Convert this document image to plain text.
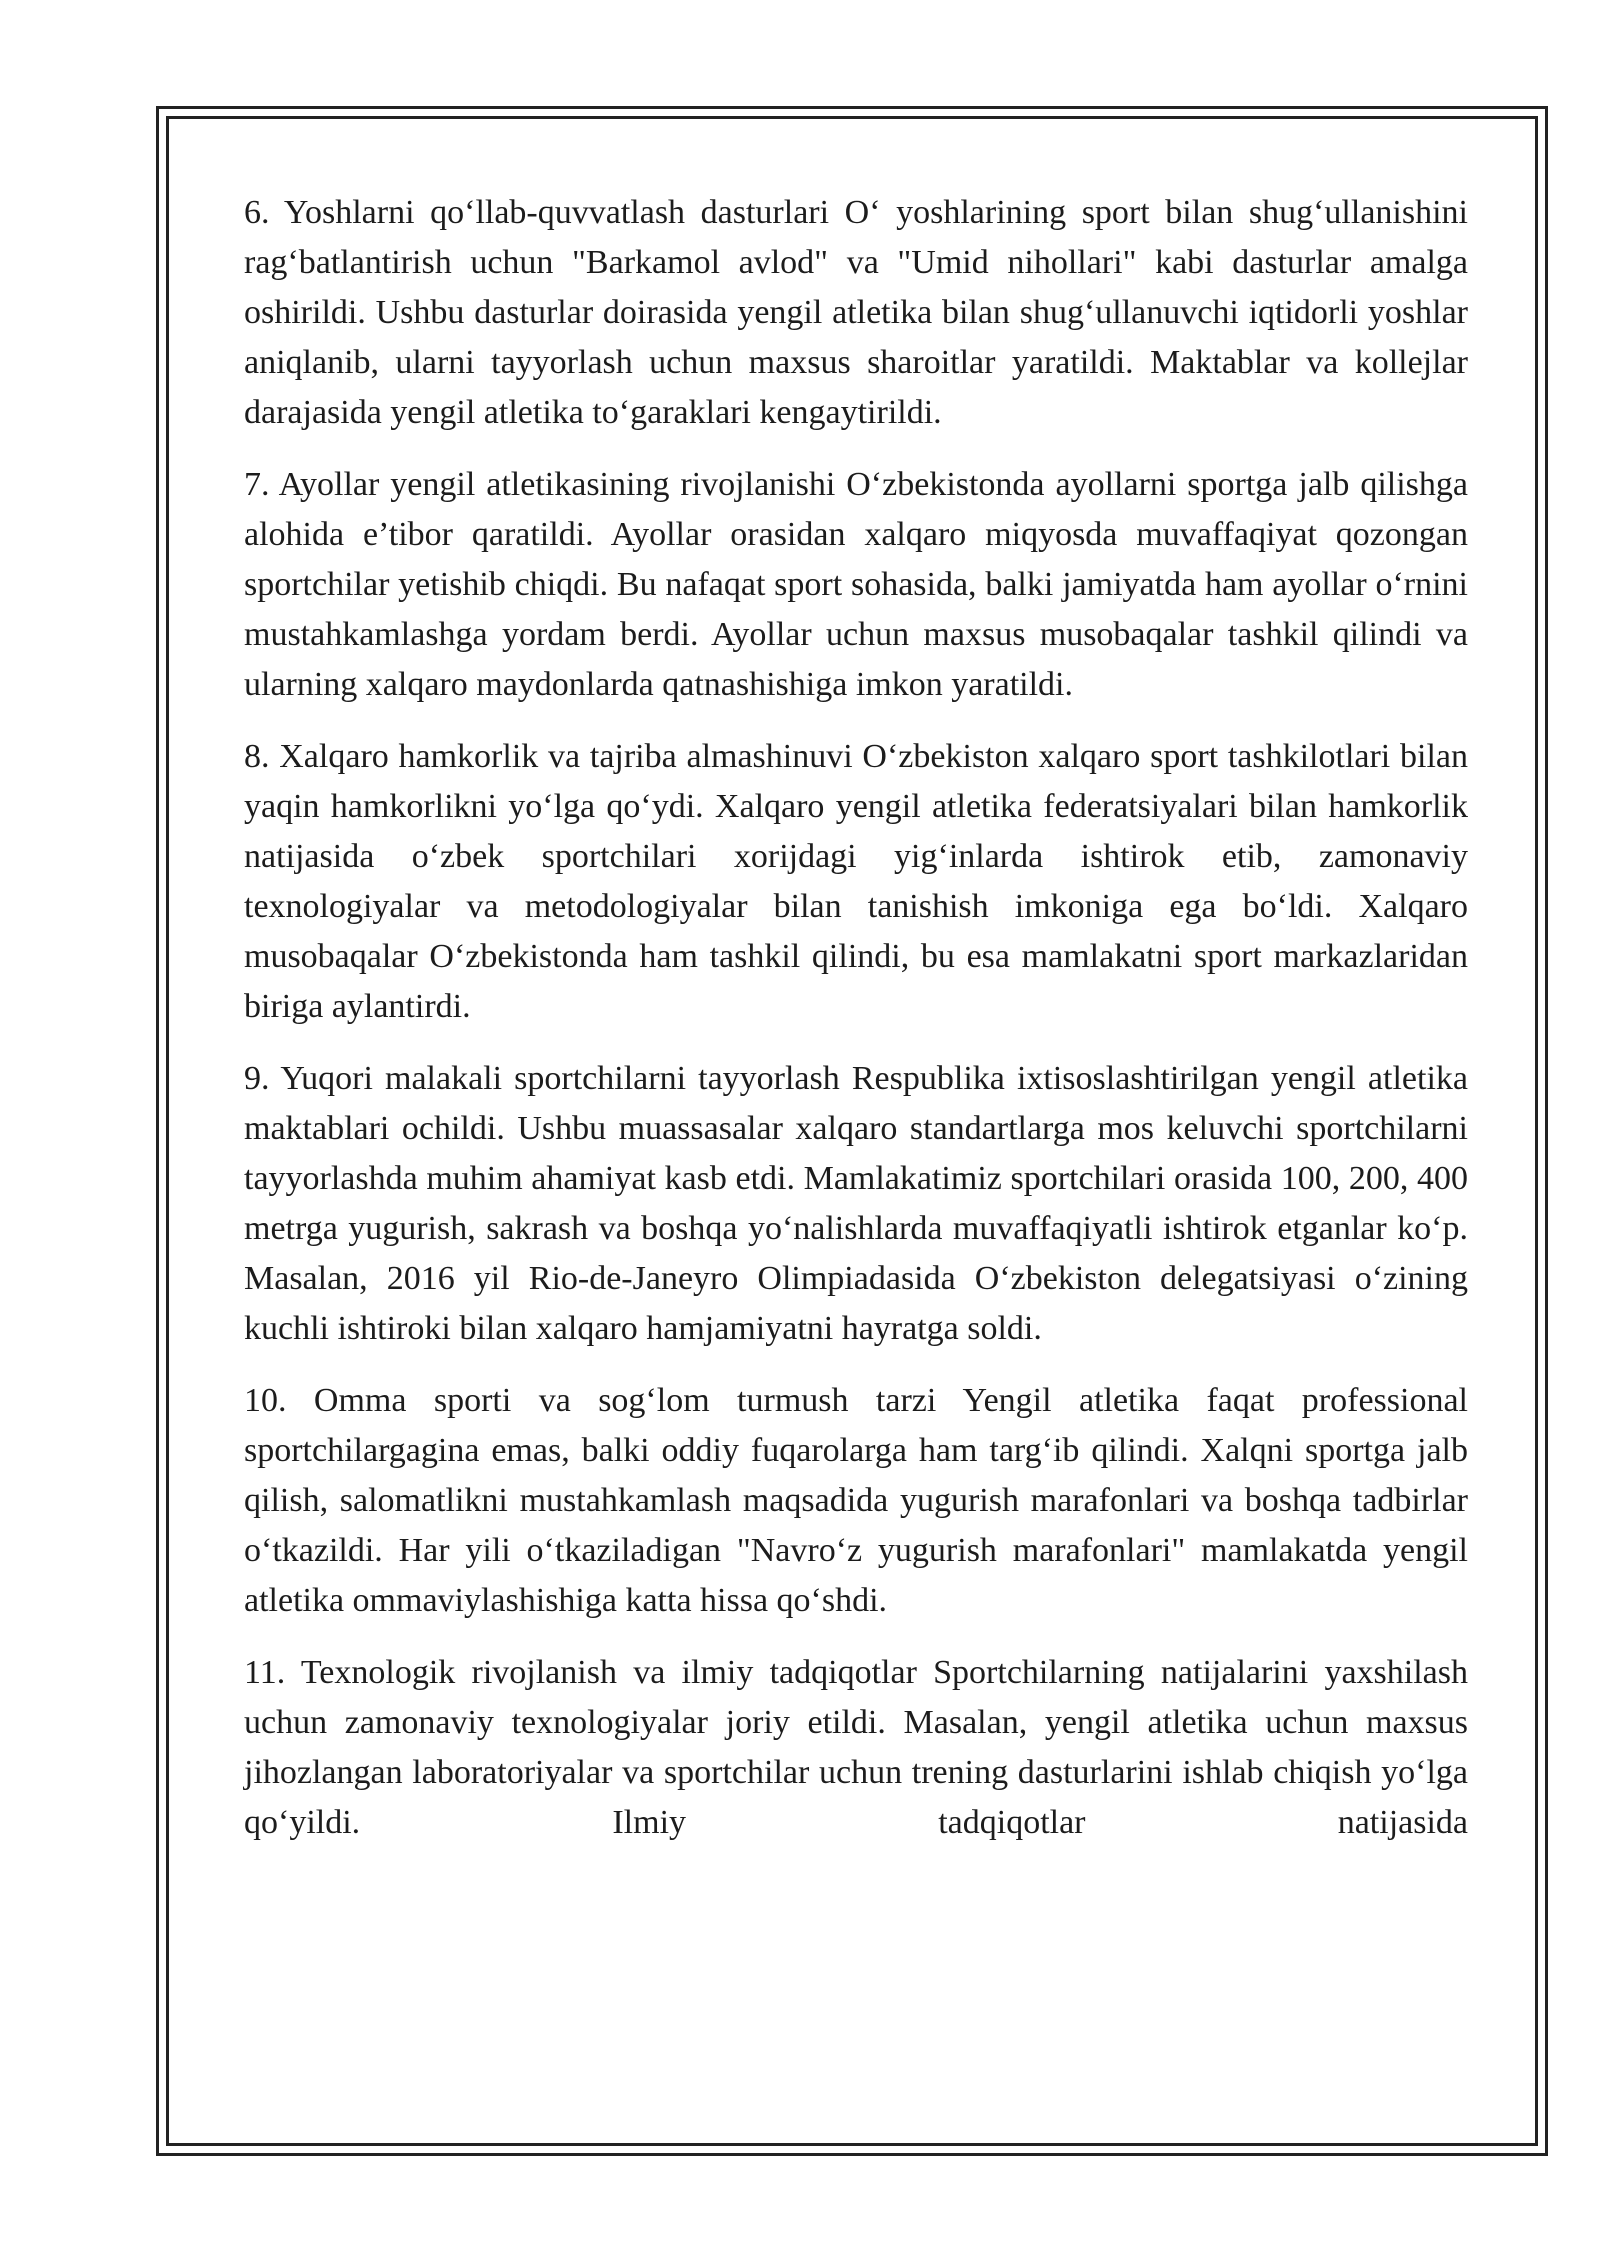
6. Yoshlarni qo‘llab-quvvatlash dasturlari O‘ yoshlarining sport bilan shug‘ullanishini rag‘batlantirish uchun "Barkamol avlod" va "Umid nihollari" kabi dasturlar amalga oshirildi. Ushbu dasturlar doirasida yengil atletika bilan shug‘ullanuvchi iqtidorli yoshlar aniqlanib, ularni tayyorlash uchun maxsus sharoitlar yaratildi. Maktablar va kollejlar darajasida yengil atletika to‘garaklari kengaytirildi.

7. Ayollar yengil atletikasining rivojlanishi O‘zbekistonda ayollarni sportga jalb qilishga alohida e’tibor qaratildi. Ayollar orasidan xalqaro miqyosda muvaffaqiyat qozongan sportchilar yetishib chiqdi. Bu nafaqat sport sohasida, balki jamiyatda ham ayollar o‘rnini mustahkamlashga yordam berdi. Ayollar uchun maxsus musobaqalar tashkil qilindi va ularning xalqaro maydonlarda qatnashishiga imkon yaratildi.

8. Xalqaro hamkorlik va tajriba almashinuvi O‘zbekiston xalqaro sport tashkilotlari bilan yaqin hamkorlikni yo‘lga qo‘ydi. Xalqaro yengil atletika federatsiyalari bilan hamkorlik natijasida o‘zbek sportchilari xorijdagi yig‘inlarda ishtirok etib, zamonaviy texnologiyalar va metodologiyalar bilan tanishish imkoniga ega bo‘ldi. Xalqaro musobaqalar O‘zbekistonda ham tashkil qilindi, bu esa mamlakatni sport markazlaridan biriga aylantirdi.

9. Yuqori malakali sportchilarni tayyorlash Respublika ixtisoslashtirilgan yengil atletika maktablari ochildi. Ushbu muassasalar xalqaro standartlarga mos keluvchi sportchilarni tayyorlashda muhim ahamiyat kasb etdi. Mamlakatimiz sportchilari orasida 100, 200, 400 metrga yugurish, sakrash va boshqa yo‘nalishlarda muvaffaqiyatli ishtirok etganlar ko‘p. Masalan, 2016 yil Rio-de-Janeyro Olimpiadasida O‘zbekiston delegatsiyasi o‘zining kuchli ishtiroki bilan xalqaro hamjamiyatni hayratga soldi.

10. Omma sporti va sog‘lom turmush tarzi Yengil atletika faqat professional sportchilargagina emas, balki oddiy fuqarolarga ham targ‘ib qilindi. Xalqni sportga jalb qilish, salomatlikni mustahkamlash maqsadida yugurish marafonlari va boshqa tadbirlar o‘tkazildi. Har yili o‘tkaziladigan "Navro‘z yugurish marafonlari" mamlakatda yengil atletika ommaviylashishiga katta hissa qo‘shdi.

11. Texnologik rivojlanish va ilmiy tadqiqotlar Sportchilarning natijalarini yaxshilash uchun zamonaviy texnologiyalar joriy etildi. Masalan, yengil atletika uchun maxsus jihozlangan laboratoriyalar va sportchilar uchun trening dasturlarini ishlab chiqish yo‘lga qo‘yildi. Ilmiy tadqiqotlar natijasida
